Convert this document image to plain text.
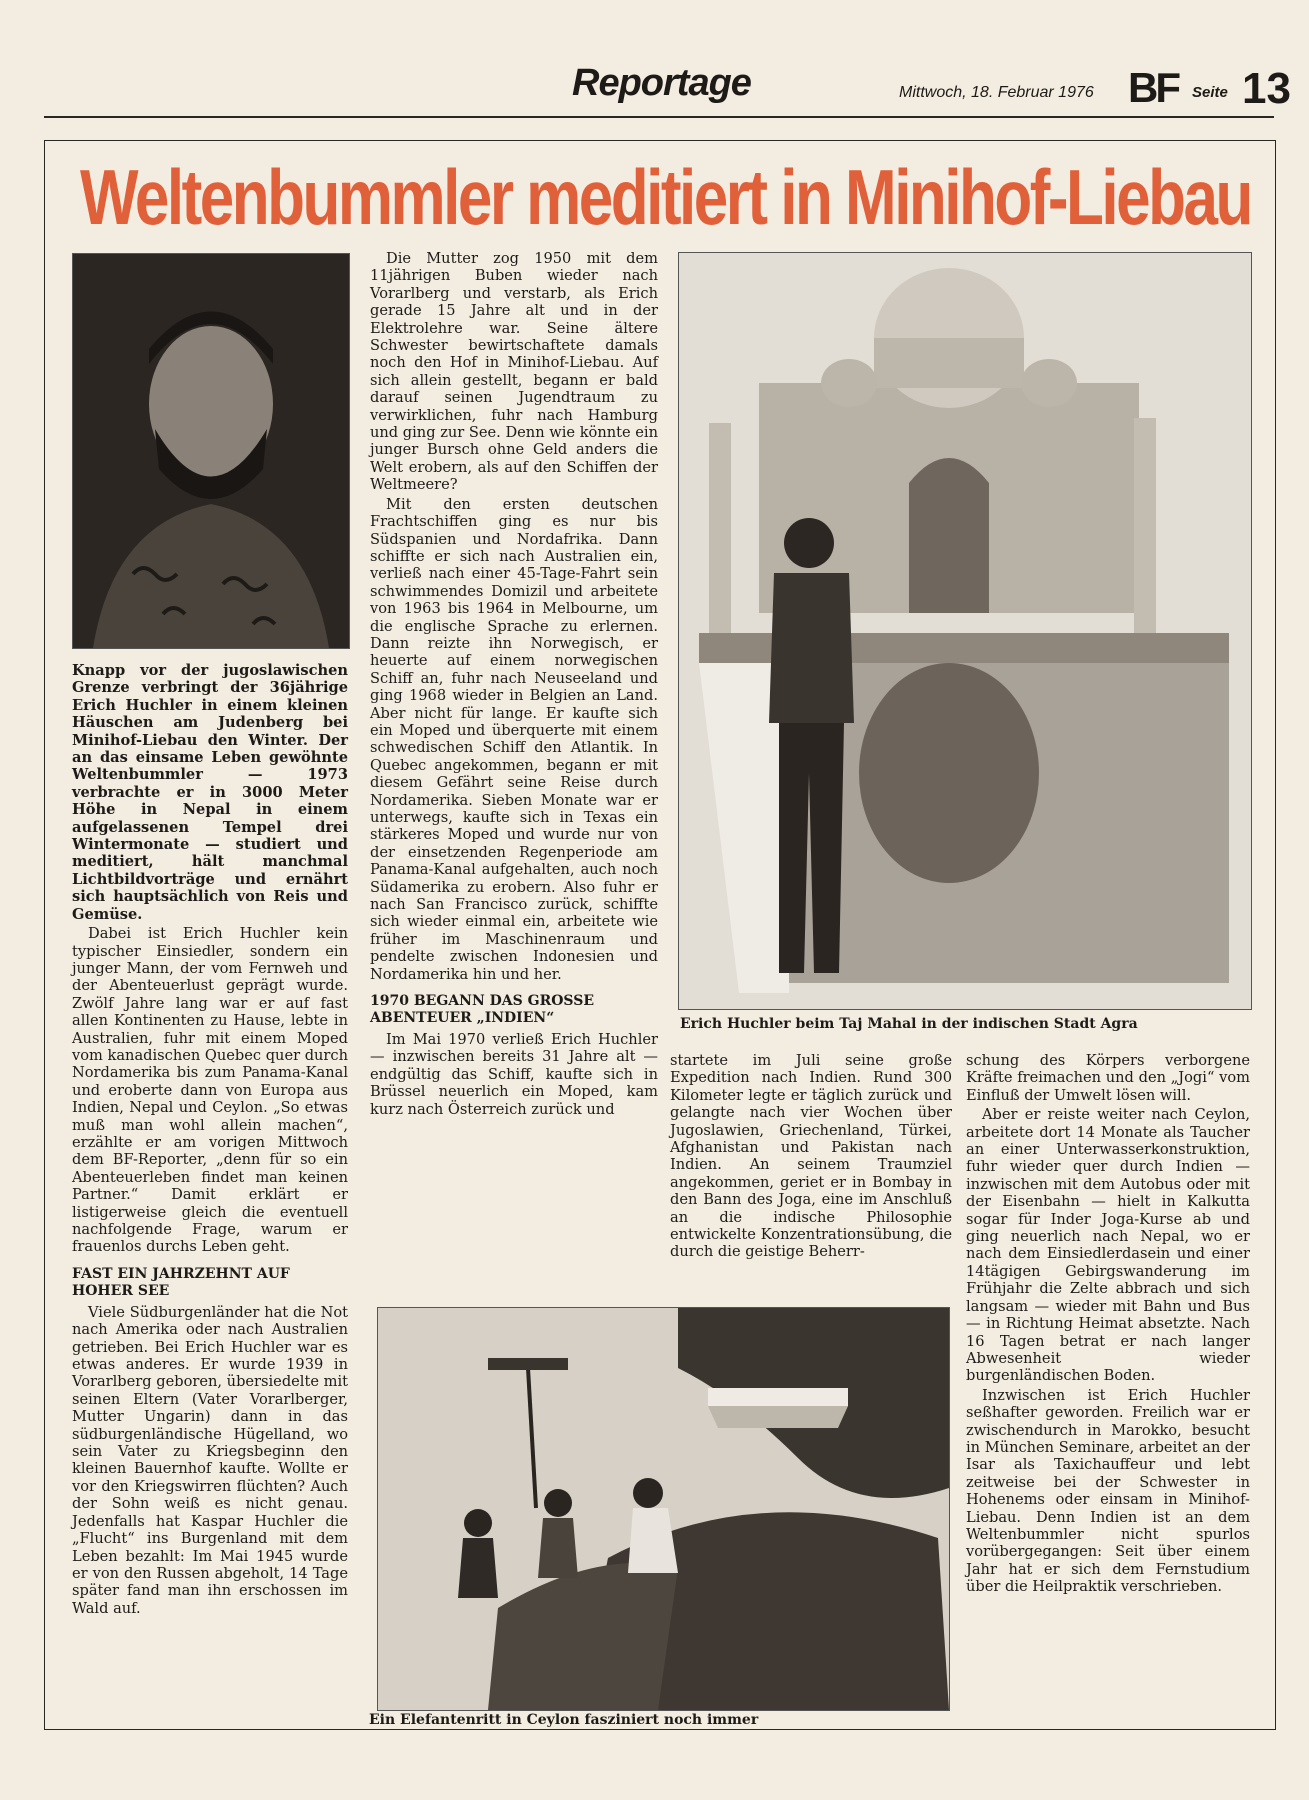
Reportage	Mittwoch, 18. Februar 1976 BF Seite 13
Weltenbummler meditiert in Minihof-Liebau
Erich Huchler beim Taj Mahal in der indischen Stadt Agra
Ein Elefantenritt in Ceylon fasziniert noch immer

Knapp vor der jugoslawischen Grenze verbringt der 36jährige Erich Huchler in einem kleinen Häuschen am Judenberg bei Minihof-Liebau den Winter. Der an das einsame Leben gewöhnte Weltenbummler — 1973 verbrachte er in 3000 Meter Höhe in Nepal in einem aufgelassenen Tempel drei Wintermonate — studiert und meditiert, hält manchmal Lichtbildvorträge und ernährt sich hauptsächlich von Reis und Gemüse.

Dabei ist Erich Huchler kein typischer Einsiedler, sondern ein junger Mann, der vom Fernweh und der Abenteuerlust geprägt wurde. Zwölf Jahre lang war er auf fast allen Kontinenten zu Hause, lebte in Australien, fuhr mit einem Moped vom kanadischen Quebec quer durch Nordamerika bis zum Panama-Kanal und eroberte dann von Europa aus Indien, Nepal und Ceylon. „So etwas muß man wohl allein machen“, erzählte er am vorigen Mittwoch dem BF-Reporter, „denn für so ein Abenteuerleben findet man keinen Partner.“ Damit erklärt er listigerweise gleich die eventuell nachfolgende Frage, warum er frauenlos durchs Leben geht.

FAST EIN JAHRZEHNT AUF HOHER SEE

Viele Südburgenländer hat die Not nach Amerika oder nach Australien getrieben. Bei Erich Huchler war es etwas anderes. Er wurde 1939 in Vorarlberg geboren, übersiedelte mit seinen Eltern (Vater Vorarlberger, Mutter Ungarin) dann in das südburgenländische Hügelland, wo sein Vater zu Kriegsbeginn den kleinen Bauernhof kaufte. Wollte er vor den Kriegswirren flüchten? Auch der Sohn weiß es nicht genau. Jedenfalls hat Kaspar Huchler die „Flucht“ ins Burgenland mit dem Leben bezahlt: Im Mai 1945 wurde er von den Russen abgeholt, 14 Tage später fand man ihn erschossen im Wald auf.

Die Mutter zog 1950 mit dem 11jährigen Buben wieder nach Vorarlberg und verstarb, als Erich gerade 15 Jahre alt und in der Elektrolehre war. Seine ältere Schwester bewirtschaftete damals noch den Hof in Minihof-Liebau. Auf sich allein gestellt, begann er bald darauf seinen Jugendtraum zu verwirklichen, fuhr nach Hamburg und ging zur See. Denn wie könnte ein junger Bursch ohne Geld anders die Welt erobern, als auf den Schiffen der Weltmeere?

Mit den ersten deutschen Frachtschiffen ging es nur bis Südspanien und Nordafrika. Dann schiffte er sich nach Australien ein, verließ nach einer 45-Tage-Fahrt sein schwimmendes Domizil und arbeitete von 1963 bis 1964 in Melbourne, um die englische Sprache zu erlernen. Dann reizte ihn Norwegisch, er heuerte auf einem norwegischen Schiff an, fuhr nach Neuseeland und ging 1968 wieder in Belgien an Land. Aber nicht für lange. Er kaufte sich ein Moped und überquerte mit einem schwedischen Schiff den Atlantik. In Quebec angekommen, begann er mit diesem Gefährt seine Reise durch Nordamerika. Sieben Monate war er unterwegs, kaufte sich in Texas ein stärkeres Moped und wurde nur von der einsetzenden Regenperiode am Panama-Kanal aufgehalten, auch noch Südamerika zu erobern. Also fuhr er nach San Francisco zurück, schiffte sich wieder einmal ein, arbeitete wie früher im Maschinenraum und pendelte zwischen Indonesien und Nordamerika hin und her.

1970 BEGANN DAS GROSSE ABENTEUER „INDIEN“

Im Mai 1970 verließ Erich Huchler — inzwischen bereits 31 Jahre alt — endgültig das Schiff, kaufte sich in Brüssel neuerlich ein Moped, kam kurz nach Österreich zurück und

startete im Juli seine große Expedition nach Indien. Rund 300 Kilometer legte er täglich zurück und gelangte nach vier Wochen über Jugoslawien, Griechenland, Türkei, Afghanistan und Pakistan nach Indien. An seinem Traumziel angekommen, geriet er in Bombay in den Bann des Joga, eine im Anschluß an die indische Philosophie entwickelte Konzentrationsübung, die durch die geistige Beherr-

schung des Körpers verborgene Kräfte freimachen und den „Jogi“ vom Einfluß der Umwelt lösen will.

Aber er reiste weiter nach Ceylon, arbeitete dort 14 Monate als Taucher an einer Unterwasserkonstruktion, fuhr wieder quer durch Indien — inzwischen mit dem Autobus oder mit der Eisenbahn — hielt in Kalkutta sogar für Inder Joga-Kurse ab und ging neuerlich nach Nepal, wo er nach dem Einsiedlerdasein und einer 14tägigen Gebirgswanderung im Frühjahr die Zelte abbrach und sich langsam — wieder mit Bahn und Bus — in Richtung Heimat absetzte. Nach 16 Tagen betrat er nach langer Abwesenheit wieder burgenländischen Boden.

Inzwischen ist Erich Huchler seßhafter geworden. Freilich war er zwischendurch in Marokko, besucht in München Seminare, arbeitet an der Isar als Taxichauffeur und lebt zeitweise bei der Schwester in Hohenems oder einsam in Minihof-Liebau. Denn Indien ist an dem Weltenbummler nicht spurlos vorübergegangen: Seit über einem Jahr hat er sich dem Fernstudium über die Heilpraktik verschrieben.
